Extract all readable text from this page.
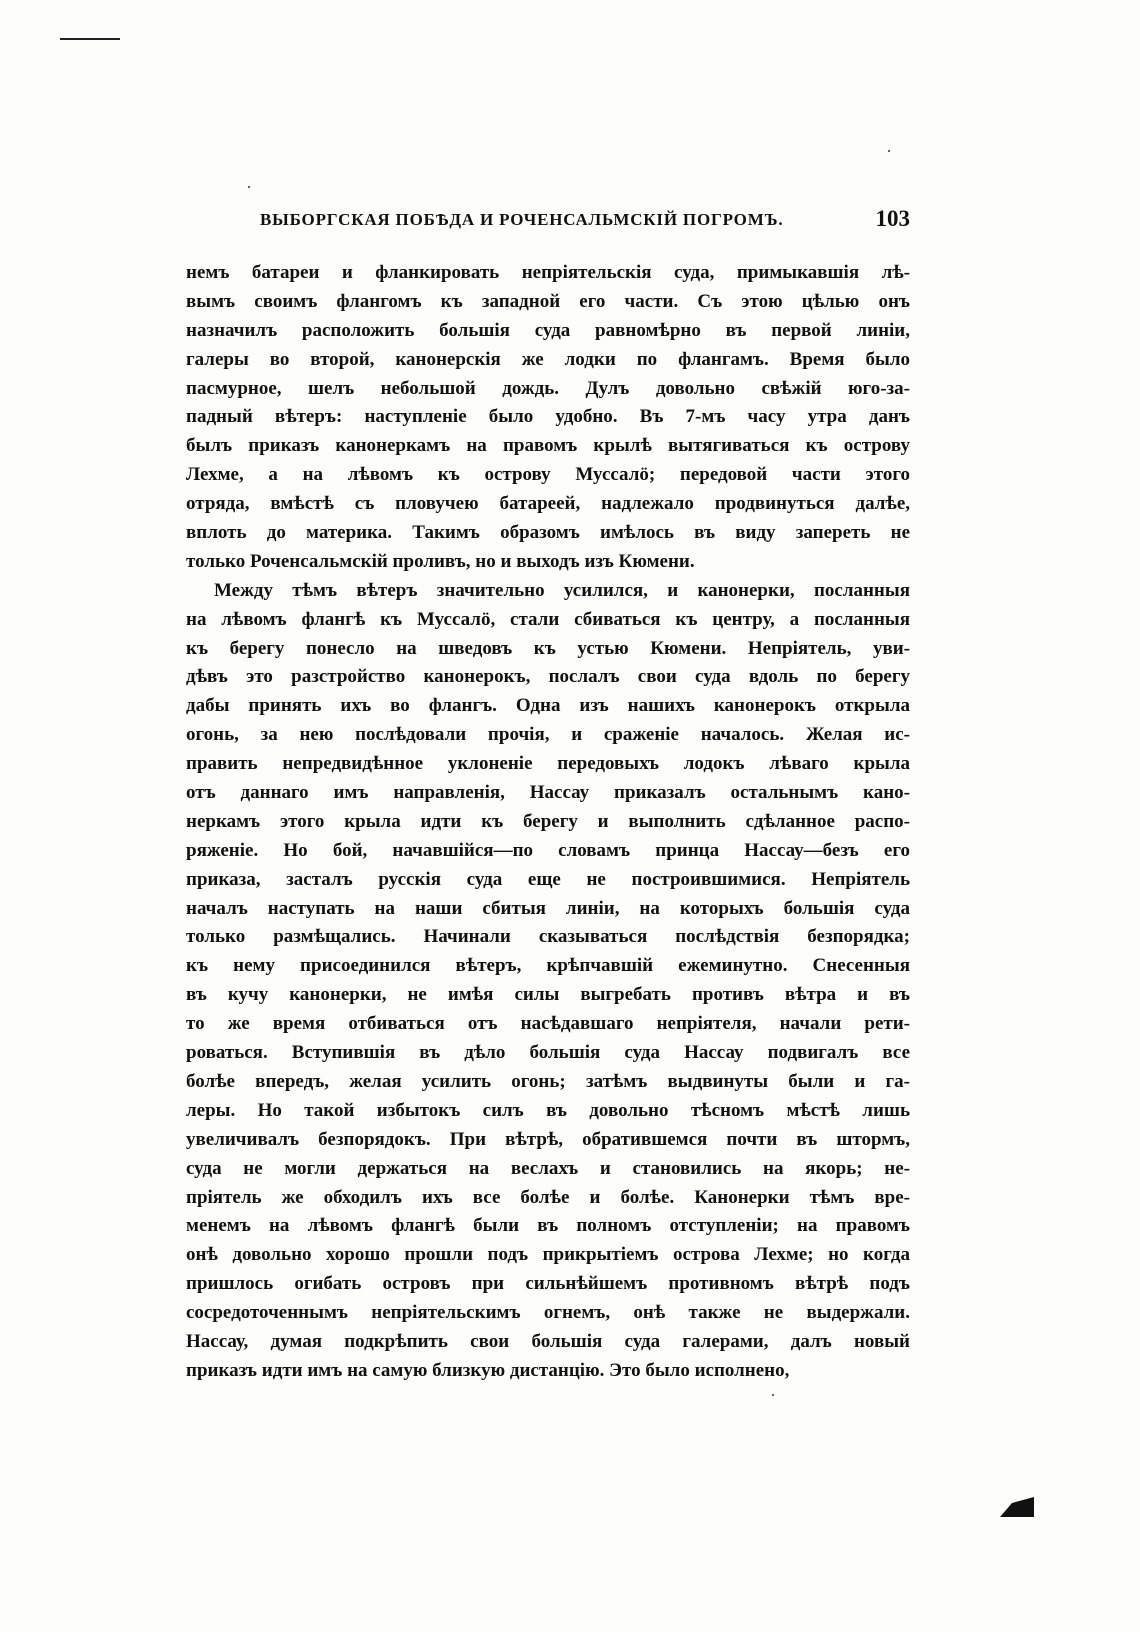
ВЫБОРГСКАЯ ПОБѢДА И РОЧЕНСАЛЬМСКІЙ ПОГРОМЪ.	103
немъ батареи и фланкировать непріятельскія суда, примыкавшія лѣ-
вымъ своимъ флангомъ къ западной его части. Съ этою цѣлью онъ
назначилъ расположить большія суда равномѣрно въ первой линіи,
галеры во второй, канонерскія же лодки по флангамъ. Время было
пасмурное, шелъ небольшой дождь. Дулъ довольно свѣжій юго-за-
падный вѣтеръ: наступленіе было удобно. Въ 7-мъ часу утра данъ
былъ приказъ канонеркамъ на правомъ крылѣ вытягиваться къ острову
Лехме, а на лѣвомъ къ острову Муссалö; передовой части этого
отряда, вмѣстѣ съ пловучею батареей, надлежало продвинуться далѣе,
вплоть до материка. Такимъ образомъ имѣлось въ виду запереть не
только Роченсальмскій проливъ, но и выходъ изъ Кюмени.
Между тѣмъ вѣтеръ значительно усилился, и канонерки, посланныя
на лѣвомъ флангѣ къ Муссалö, стали сбиваться къ центру, а посланныя
къ берегу понесло на шведовъ къ устью Кюмени. Непріятель, уви-
дѣвъ это разстройство канонерокъ, послалъ свои суда вдоль по берегу
дабы принять ихъ во флангъ. Одна изъ нашихъ канонерокъ открыла
огонь, за нею послѣдовали прочія, и сраженіе началось. Желая ис-
править непредвидѣнное уклоненіе передовыхъ лодокъ лѣваго крыла
отъ даннаго имъ направленія, Нассау приказалъ остальнымъ кано-
неркамъ этого крыла идти къ берегу и выполнить сдѣланное распо-
ряженіе. Но бой, начавшійся—по словамъ принца Нассау—безъ его
приказа, засталъ русскія суда еще не построившимися. Непріятель
началъ наступать на наши сбитыя линіи, на которыхъ большія суда
только размѣщались. Начинали сказываться послѣдствія безпорядка;
къ нему присоединился вѣтеръ, крѣпчавшій ежеминутно. Снесенныя
въ кучу канонерки, не имѣя силы выгребать противъ вѣтра и въ
то же время отбиваться отъ насѣдавшаго непріятеля, начали рети-
роваться. Вступившія въ дѣло большія суда Нассау подвигалъ все
болѣе впередъ, желая усилить огонь; затѣмъ выдвинуты были и га-
леры. Но такой избытокъ силъ въ довольно тѣсномъ мѣстѣ лишь
увеличивалъ безпорядокъ. При вѣтрѣ, обратившемся почти въ штормъ,
суда не могли держаться на веслахъ и становились на якорь; не-
пріятель же обходилъ ихъ все болѣе и болѣе. Канонерки тѣмъ вре-
менемъ на лѣвомъ флангѣ были въ полномъ отступленіи; на правомъ
онѣ довольно хорошо прошли подъ прикрытіемъ острова Лехме; но когда
пришлось огибать островъ при сильнѣйшемъ противномъ вѣтрѣ подъ
сосредоточеннымъ непріятельскимъ огнемъ, онѣ также не выдержали.
Нассау, думая подкрѣпить свои большія суда галерами, далъ новый
приказъ идти имъ на самую близкую дистанцію. Это было исполнено,
